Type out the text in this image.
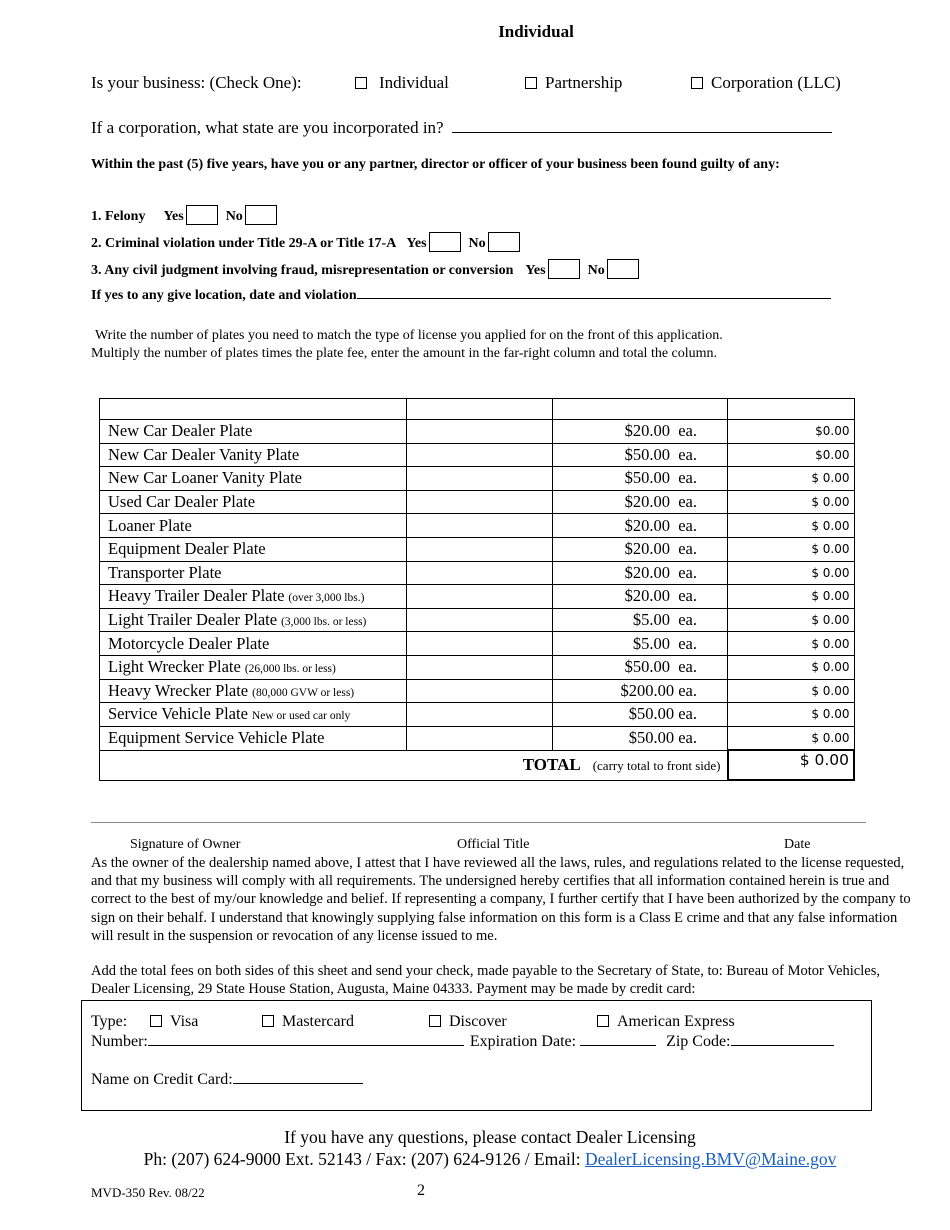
Individual
Is your business: (Check One):	Individual	Partnership	Corporation (LLC)
If a corporation, what state are you incorporated in?
Within the past (5) five years, have you or any partner, director or officer of your business been found guilty of any:
1. Felony Yes	No
2. Criminal violation under Title 29-A or Title 17-A Yes	No
3. Any civil judgment involving fraud, misrepresentation or conversion Yes	No
If yes to any give location, date and violation
Write the number of plates you need to match the type of license you applied for on the front of this application.
Multiply the number of plates times the plate fee, enter the amount in the far-right column and total the column.

New Car Dealer Plate		$20.00  ea.	$0.00
New Car Dealer Vanity Plate		$50.00  ea.	$0.00
New Car Loaner Vanity Plate		$50.00  ea.	$ 0.00
Used Car Dealer Plate		$20.00  ea.	$ 0.00
Loaner Plate		$20.00  ea.	$ 0.00
Equipment Dealer Plate		$20.00  ea.	$ 0.00
Transporter Plate		$20.00  ea.	$ 0.00
Heavy Trailer Dealer Plate (over 3,000 lbs.)		$20.00  ea.	$ 0.00
Light Trailer Dealer Plate (3,000 lbs. or less)		$5.00  ea.	$ 0.00
Motorcycle Dealer Plate		$5.00  ea.	$ 0.00
Light Wrecker Plate (26,000 lbs. or less)		$50.00  ea.	$ 0.00
Heavy Wrecker Plate (80,000 GVW or less)		$200.00 ea.	$ 0.00
Service Vehicle Plate New or used car only		$50.00 ea.	$ 0.00
Equipment Service Vehicle Plate		$50.00 ea.	$ 0.00
TOTAL (carry total to front side)			$ 0.00
Signature of Owner	Official Title	Date
As the owner of the dealership named above, I attest that I have reviewed all the laws, rules, and regulations related to the license requested, and that my business will comply with all requirements. The undersigned hereby certifies that all information contained herein is true and correct to the best of my/our knowledge and belief. If representing a company, I further certify that I have been authorized by the company to sign on their behalf. I understand that knowingly supplying false information on this form is a Class E crime and that any false information will result in the suspension or revocation of any license issued to me.
Add the total fees on both sides of this sheet and send your check, made payable to the Secretary of State, to: Bureau of Motor Vehicles, Dealer Licensing, 29 State House Station, Augusta, Maine 04333. Payment may be made by credit card:
Type:	Visa	Mastercard	Discover	American Express
Number:	Expiration Date:	Zip Code:
Name on Credit Card:
If you have any questions, please contact Dealer Licensing
Ph: (207) 624-9000 Ext. 52143 / Fax: (207) 624-9126 / Email: DealerLicensing.BMV@Maine.gov
MVD-350 Rev. 08/22	2
